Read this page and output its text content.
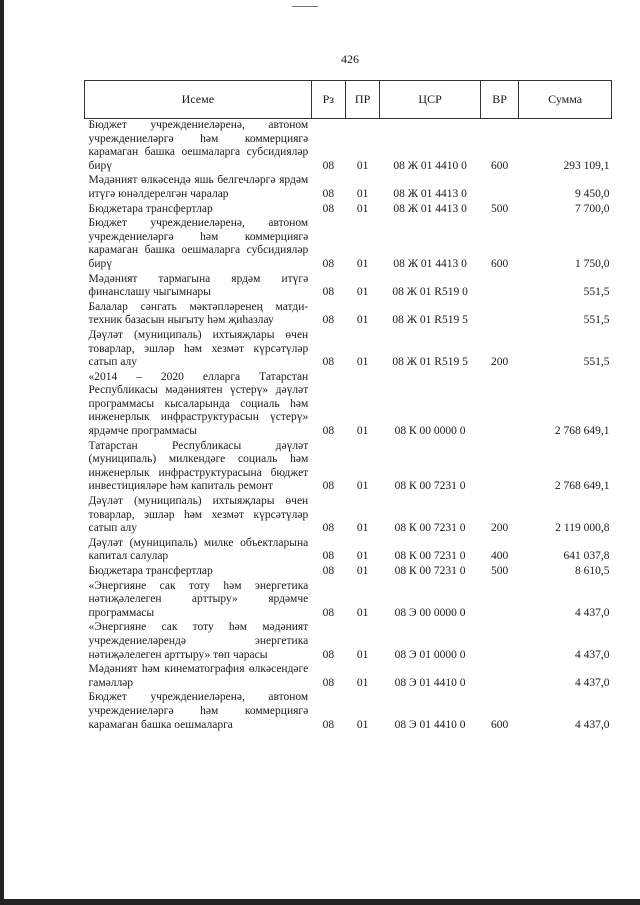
426
Исеме	Рз	ПР	ЦСР	ВР	Сумма
Бюджет учреждениеләренә, автоном учреждениеләргә һәм коммерциягә карамаган башка оешмаларга субсидияләр бирү	08	01	08 Ж 01 4410 0	600	293 109,1
Мәдәният өлкәсендә яшь белгечләргә ярдәм итүгә юнәлдерелгән чаралар	08	01	08 Ж 01 4413 0		9 450,0
Бюджетара трансфертлар	08	01	08 Ж 01 4413 0	500	7 700,0
Бюджет учреждениеләренә, автоном учреждениеләргә һәм коммерциягә карамаган башка оешмаларга субсидияләр бирү	08	01	08 Ж 01 4413 0	600	1 750,0
Мәдәният тармагына ярдәм итүгә финанслашу чыгымнары	08	01	08 Ж 01 R519 0		551,5
Балалар сәнгать мәктәпләренең матди-техник базасын ныгыту һәм җиһазлау	08	01	08 Ж 01 R519 5		551,5
Дәүләт (муниципаль) ихтыяҗлары өчен товарлар, эшләр һәм хезмәт күрсәтүләр сатып алу	08	01	08 Ж 01 R519 5	200	551,5
«2014 – 2020 елларга Татарстан Республикасы мәдәниятен үстерү» дәүләт программасы кысаларында социаль һәм инженерлык инфраструктурасын үстерү» ярдәмче программасы	08	01	08 К 00 0000 0		2 768 649,1
Татарстан Республикасы дәүләт (муниципаль) милкендәге социаль һәм инженерлык инфраструктурасына бюджет инвестицияләре һәм капиталь ремонт	08	01	08 К 00 7231 0		2 768 649,1
Дәүләт (муниципаль) ихтыяҗлары өчен товарлар, эшләр һәм хезмәт күрсәтүләр сатып алу	08	01	08 К 00 7231 0	200	2 119 000,8
Дәүләт (муниципаль) милке объектларына капитал салулар	08	01	08 К 00 7231 0	400	641 037,8
Бюджетара трансфертлар	08	01	08 К 00 7231 0	500	8 610,5
«Энергияне сак тоту һәм энергетика нәтиҗәлелеген арттыру» ярдәмче программасы	08	01	08 Э 00 0000 0		4 437,0
«Энергияне сак тоту һәм мәдәният учреждениеләрендә энергетика нәтиҗәлелеген арттыру» төп чарасы	08	01	08 Э 01 0000 0		4 437,0
Мәдәният һәм кинематография өлкәсендәге гамәлләр	08	01	08 Э 01 4410 0		4 437,0
Бюджет учреждениеләренә, автоном учреждениеләргә һәм коммерциягә карамаган башка оешмаларга	08	01	08 Э 01 4410 0	600	4 437,0
